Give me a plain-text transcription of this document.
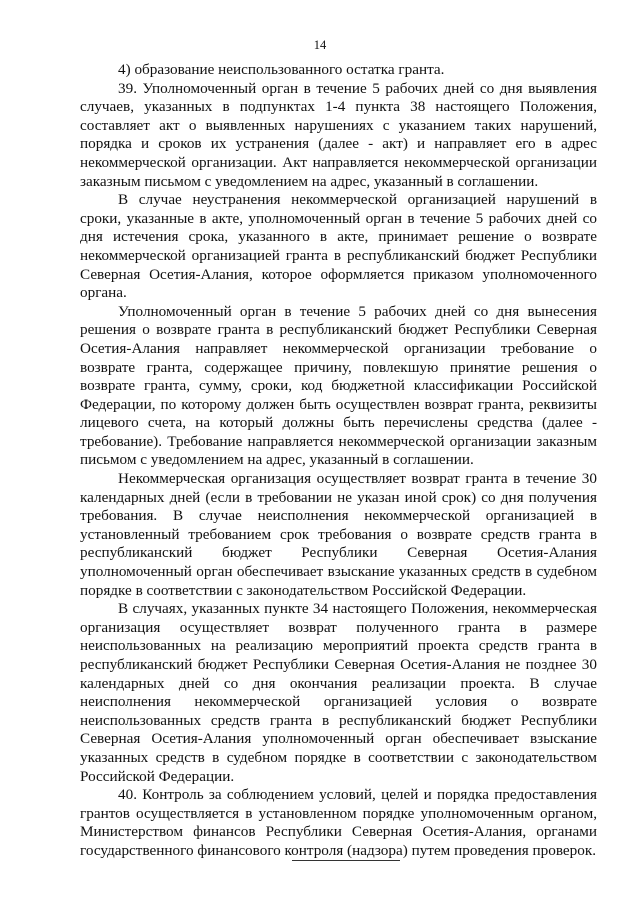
14

4) образование неиспользованного остатка гранта.

39. Уполномоченный орган в течение 5 рабочих дней со дня выявления случаев, указанных в подпунктах 1-4 пункта 38 настоящего Положения, составляет акт о выявленных нарушениях с указанием таких нарушений, порядка и сроков их устранения (далее - акт) и направляет его в адрес некоммерческой организации. Акт направляется некоммерческой организации заказным письмом с уведомлением на адрес, указанный в соглашении.

В случае неустранения некоммерческой организацией нарушений в сроки, указанные в акте, уполномоченный орган в течение 5 рабочих дней со дня истечения срока, указанного в акте, принимает решение о возврате некоммерческой организацией гранта в республиканский бюджет Республики Северная Осетия-Алания, которое оформляется приказом уполномоченного органа.

Уполномоченный орган в течение 5 рабочих дней со дня вынесения решения о возврате гранта в республиканский бюджет Республики Северная Осетия-Алания направляет некоммерческой организации требование о возврате гранта, содержащее причину, повлекшую принятие решения о возврате гранта, сумму, сроки, код бюджетной классификации Российской Федерации, по которому должен быть осуществлен возврат гранта, реквизиты лицевого счета, на который должны быть перечислены средства (далее - требование). Требование направляется некоммерческой организации заказным письмом с уведомлением на адрес, указанный в соглашении.

Некоммерческая организация осуществляет возврат гранта в течение 30 календарных дней (если в требовании не указан иной срок) со дня получения требования. В случае неисполнения некоммерческой организацией в установленный требованием срок требования о возврате средств гранта в республиканский бюджет Республики Северная Осетия-Алания уполномоченный орган обеспечивает взыскание указанных средств в судебном порядке в соответствии с законодательством Российской Федерации.

В случаях, указанных пункте 34 настоящего Положения, некоммерческая организация осуществляет возврат полученного гранта в размере неиспользованных на реализацию мероприятий проекта средств гранта в республиканский бюджет Республики Северная Осетия-Алания не позднее 30 календарных дней со дня окончания реализации проекта. В случае неисполнения некоммерческой организацией условия о возврате неиспользованных средств гранта в республиканский бюджет Республики Северная Осетия-Алания уполномоченный орган обеспечивает взыскание указанных средств в судебном порядке в соответствии с законодательством Российской Федерации.

40. Контроль за соблюдением условий, целей и порядка предоставления грантов осуществляется в установленном порядке уполномоченным органом, Министерством финансов Республики Северная Осетия-Алания, органами государственного финансового контроля (надзора) путем проведения проверок.
